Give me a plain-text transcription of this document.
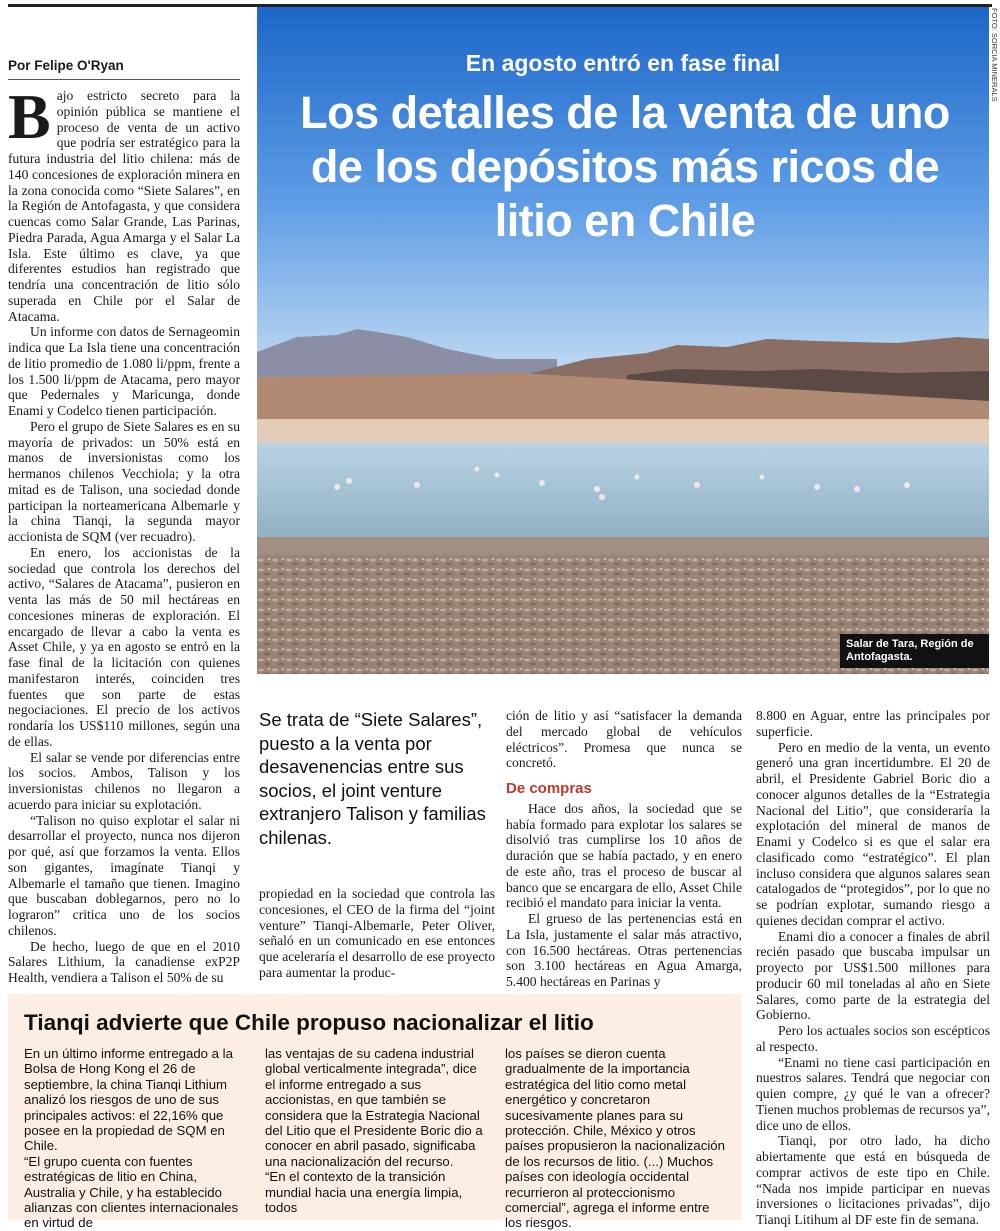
Por Felipe O'Ryan

Bajo estricto secreto para la opinión pública se mantiene el proceso de venta de un activo que podría ser estratégico para la futura industria del litio chilena: más de 140 concesiones de exploración minera en la zona conocida como “Siete Salares”, en la Región de Antofagasta, y que considera cuencas como Salar Grande, Las Parinas, Piedra Parada, Agua Amarga y el Salar La Isla. Este último es clave, ya que diferentes estudios han registrado que tendría una concentración de litio sólo superada en Chile por el Salar de Atacama.

Un informe con datos de Sernageomin indica que La Isla tiene una concentración de litio promedio de 1.080 li/ppm, frente a los 1.500 li/ppm de Atacama, pero mayor que Pedernales y Maricunga, donde Enami y Codelco tienen participación.

Pero el grupo de Siete Salares es en su mayoría de privados: un 50% está en manos de inversionistas como los hermanos chilenos Vecchiola; y la otra mitad es de Talison, una sociedad donde participan la norteamericana Albemarle y la china Tianqi, la segunda mayor accionista de SQM (ver recuadro).

En enero, los accionistas de la sociedad que controla los derechos del activo, “Salares de Atacama”, pusieron en venta las más de 50 mil hectáreas en concesiones mineras de exploración. El encargado de llevar a cabo la venta es Asset Chile, y ya en agosto se entró en la fase final de la licitación con quienes manifestaron interés, coinciden tres fuentes que son parte de estas negociaciones. El precio de los activos rondaría los US$110 millones, según una de ellas.

El salar se vende por diferencias entre los socios. Ambos, Talison y los inversionistas chilenos no llegaron a acuerdo para iniciar su explotación.

“Talison no quiso explotar el salar ni desarrollar el proyecto, nunca nos dijeron por qué, así que forzamos la venta. Ellos son gigantes, imagínate Tianqi y Albemarle el tamaño que tienen. Imagino que buscaban doblegarnos, pero no lo lograron” critica uno de los socios chilenos.

De hecho, luego de que en el 2010 Salares Lithium, la canadiense exP2P Health, vendiera a Talison el 50% de su

En agosto entró en fase final
Los detalles de la venta de uno de los depósitos más ricos de litio en Chile
FOTO: SORCIA MINERALS
Salar de Tara, Región de Antofagasta.
Se trata de “Siete Salares”, puesto a la venta por desavenencias entre sus socios, el joint venture extranjero Talison y familias chilenas.

propiedad en la sociedad que controla las concesiones, el CEO de la firma del “joint venture” Tianqi-Albemarle, Peter Oliver, señaló en un comunicado en ese entonces que aceleraría el desarrollo de ese proyecto para aumentar la produc-

ción de litio y así “satisfacer la demanda del mercado global de vehículos eléctricos”. Promesa que nunca se concretó.

De compras

Hace dos años, la sociedad que se había formado para explotar los salares se disolvió tras cumplirse los 10 años de duración que se había pactado, y en enero de este año, tras el proceso de buscar al banco que se encargara de ello, Asset Chile recibió el mandato para iniciar la venta.

El grueso de las pertenencias está en La Isla, justamente el salar más atractivo, con 16.500 hectáreas. Otras pertenencias son 3.100 hectáreas en Agua Amarga, 5.400 hectáreas en Parinas y

8.800 en Aguar, entre las principales por superficie.

Pero en medio de la venta, un evento generó una gran incertidumbre. El 20 de abril, el Presidente Gabriel Boric dio a conocer algunos detalles de la “Estrategia Nacional del Litio”, que consideraría la explotación del mineral de manos de Enami y Codelco si es que el salar era clasificado como “estratégico”. El plan incluso considera que algunos salares sean catalogados de “protegidos”, por lo que no se podrían explotar, sumando riesgo a quienes decidan comprar el activo.

Enami dio a conocer a finales de abril recién pasado que buscaba impulsar un proyecto por US$1.500 millones para producir 60 mil toneladas al año en Siete Salares, como parte de la estrategia del Gobierno.

Pero los actuales socios son escépticos al respecto.

“Enami no tiene casi participación en nuestros salares. Tendrá que negociar con quien compre, ¿y qué le van a ofrecer? Tienen muchos problemas de recursos ya”, dice uno de ellos.

Tianqi, por otro lado, ha dicho abiertamente que está en búsqueda de comprar activos de este tipo en Chile. “Nada nos impide participar en nuevas inversiones o licitaciones privadas”, dijo Tianqi Litihum al DF este fin de semana.

Tianqi advierte que Chile propuso nacionalizar el litio

En un último informe entregado a la Bolsa de Hong Kong el 26 de septiembre, la china Tianqi Lithium analizó los riesgos de uno de sus principales activos: el 22,16% que posee en la propiedad de SQM en Chile.

“El grupo cuenta con fuentes estratégicas de litio en China, Australia y Chile, y ha establecido alianzas con clientes internacionales en virtud de

las ventajas de su cadena industrial global verticalmente integrada”, dice el informe entregado a sus accionistas, en que también se considera que la Estrategia Nacional del Litio que el Presidente Boric dio a conocer en abril pasado, significaba una nacionalización del recurso.

“En el contexto de la transición mundial hacia una energía limpia, todos

los países se dieron cuenta gradualmente de la importancia estratégica del litio como metal energético y concretaron sucesivamente planes para su protección. Chile, México y otros países propusieron la nacionalización de los recursos de litio. (...) Muchos países con ideología occidental recurrieron al proteccionismo comercial”, agrega el informe entre los riesgos.
